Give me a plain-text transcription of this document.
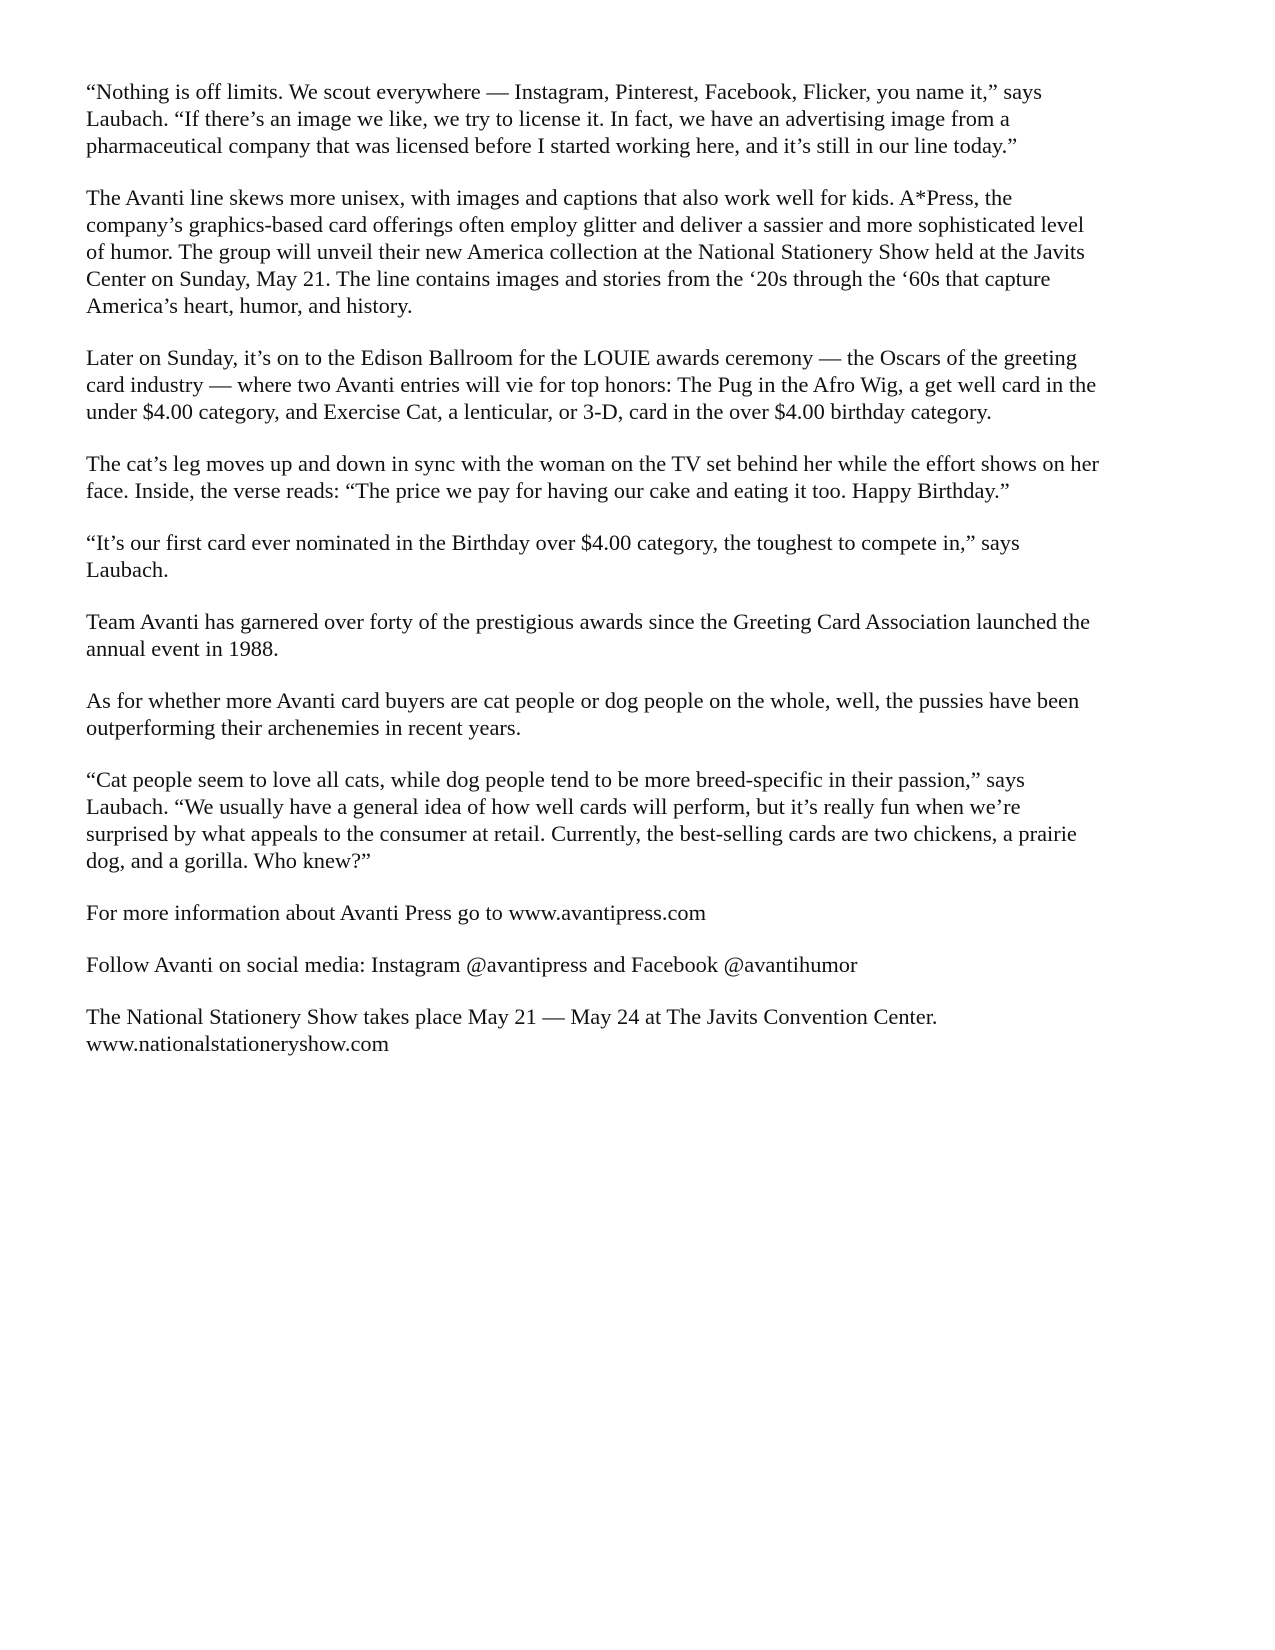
“Nothing is off limits. We scout everywhere — Instagram, Pinterest, Facebook, Flicker, you name it,” says
Laubach. “If there’s an image we like, we try to license it. In fact, we have an advertising image from a
pharmaceutical company that was licensed before I started working here, and it’s still in our line today.”

The Avanti line skews more unisex, with images and captions that also work well for kids. A*Press, the
company’s graphics-based card offerings often employ glitter and deliver a sassier and more sophisticated level
of humor. The group will unveil their new America collection at the National Stationery Show held at the Javits
Center on Sunday, May 21. The line contains images and stories from the ‘20s through the ‘60s that capture
America’s heart, humor, and history.

Later on Sunday, it’s on to the Edison Ballroom for the LOUIE awards ceremony — the Oscars of the greeting
card industry — where two Avanti entries will vie for top honors: The Pug in the Afro Wig, a get well card in the
under $4.00 category, and Exercise Cat, a lenticular, or 3-D, card in the over $4.00 birthday category.

The cat’s leg moves up and down in sync with the woman on the TV set behind her while the effort shows on her
face. Inside, the verse reads: “The price we pay for having our cake and eating it too. Happy Birthday.”

“It’s our first card ever nominated in the Birthday over $4.00 category, the toughest to compete in,” says
Laubach.

Team Avanti has garnered over forty of the prestigious awards since the Greeting Card Association launched the
annual event in 1988.

As for whether more Avanti card buyers are cat people or dog people on the whole, well, the pussies have been
outperforming their archenemies in recent years.

“Cat people seem to love all cats, while dog people tend to be more breed-specific in their passion,” says
Laubach. “We usually have a general idea of how well cards will perform, but it’s really fun when we’re
surprised by what appeals to the consumer at retail. Currently, the best-selling cards are two chickens, a prairie
dog, and a gorilla. Who knew?”

For more information about Avanti Press go to www.avantipress.com

Follow Avanti on social media: Instagram @avantipress and Facebook @avantihumor

The National Stationery Show takes place May 21 — May 24 at The Javits Convention Center.
www.nationalstationeryshow.com
